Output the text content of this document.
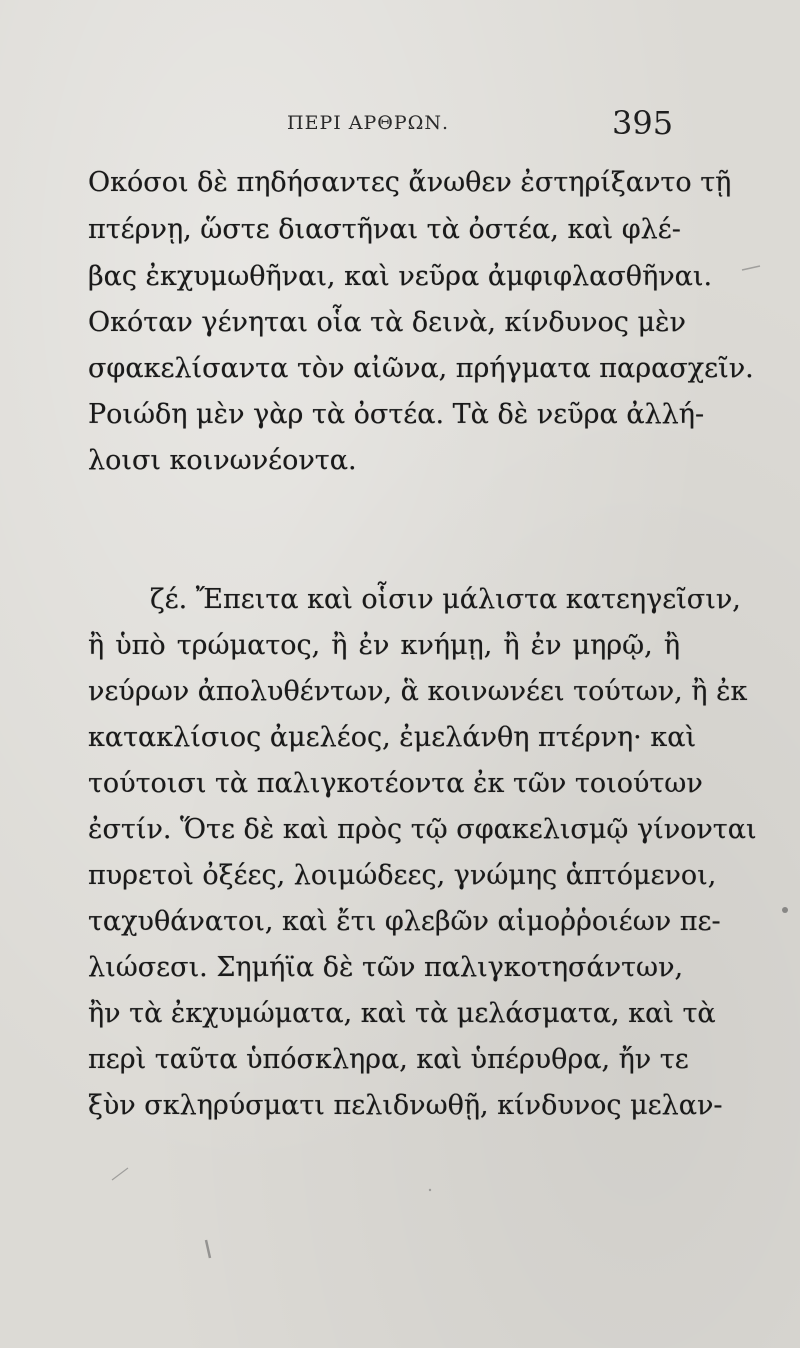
ΠΕΡΙ ΑΡΘΡΩΝ.	395
Οκόσοι δὲ πηδήσαντες ἄνωθεν ἐστηρίξαντο τῇ
πτέρνῃ, ὥστε διαστῆναι τὰ ὀστέα, καὶ φλέ-
βας ἐκχυμωθῆναι, καὶ νεῦρα ἀμφιφλασθῆναι.
Οκόταν γένηται οἷα τὰ δεινὰ, κίνδυνος μὲν
σφακελίσαντα τὸν αἰῶνα, πρήγματα παρασχεῖν.
Ροιώδη μὲν γὰρ τὰ ὀστέα. Τὰ δὲ νεῦρα ἀλλή-
λοισι κοινωνέοντα.
ζέ. Ἔπειτα καὶ οἷσιν μάλιστα κατεηγεῖσιν,
ἢ ὑπὸ τρώματος, ἢ ἐν κνήμῃ, ἢ ἐν μηρῷ, ἢ
νεύρων ἀπολυθέντων, ἃ κοινωνέει τούτων, ἢ ἐκ
κατακλίσιος ἀμελέος, ἐμελάνθη πτέρνη· καὶ
τούτοισι τὰ παλιγκοτέοντα ἐκ τῶν τοιούτων
ἐστίν. Ὅτε δὲ καὶ πρὸς τῷ σφακελισμῷ γίνονται
πυρετοὶ ὀξέες, λοιμώδεες, γνώμης ἁπτόμενοι,
ταχυθάνατοι, καὶ ἔτι φλεβῶν αἱμοῤῥοιέων πε-
λιώσεσι. Σημήϊα δὲ τῶν παλιγκοτησάντων,
ἢν τὰ ἐκχυμώματα, καὶ τὰ μελάσματα, καὶ τὰ
περὶ ταῦτα ὑπόσκληρα, καὶ ὑπέρυθρα, ἤν τε
ξὺν σκληρύσματι πελιδνωθῇ, κίνδυνος μελαν-
